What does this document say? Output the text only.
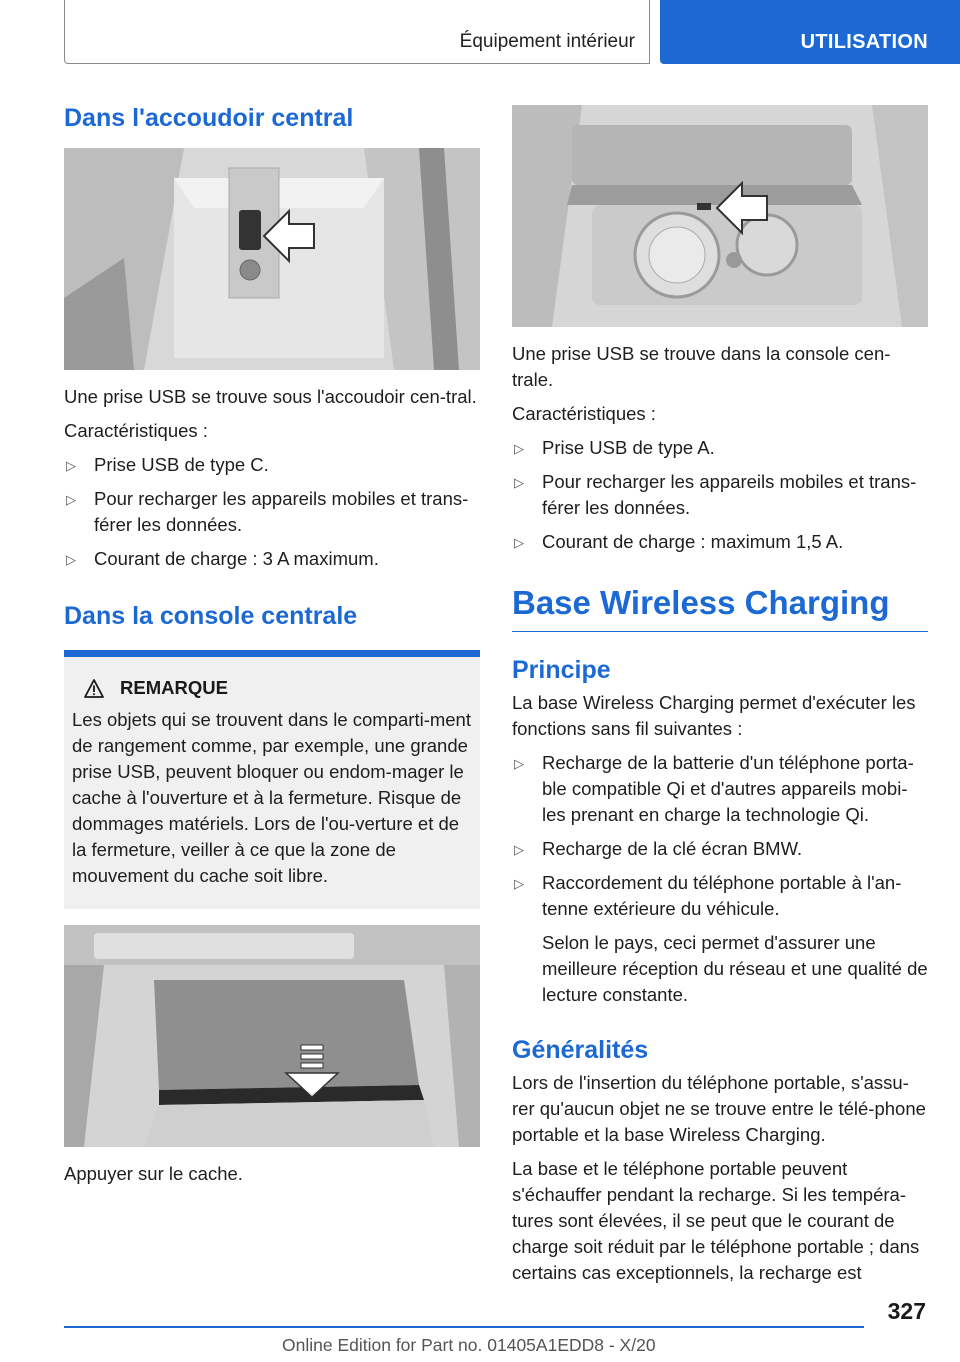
Équipement intérieur	UTILISATION
Dans l'accoudoir central

Une prise USB se trouve sous l'accoudoir cen-tral.

Caractéristiques :

▷ Prise USB de type C.
▷ Pour recharger les appareils mobiles et trans-férer les données.
▷ Courant de charge : 3 A maximum.
Dans la console centrale
REMARQUE

Les objets qui se trouvent dans le comparti-ment de rangement comme, par exemple, une grande prise USB, peuvent bloquer ou endom-mager le cache à l'ouverture et à la fermeture. Risque de dommages matériels. Lors de l'ou-verture et de la fermeture, veiller à ce que la zone de mouvement du cache soit libre.

Appuyer sur le cache.

Une prise USB se trouve dans la console cen-trale.

Caractéristiques :

▷ Prise USB de type A.
▷ Pour recharger les appareils mobiles et trans-férer les données.
▷ Courant de charge : maximum 1,5 A.
Base Wireless Charging
Principe

La base Wireless Charging permet d'exécuter les fonctions sans fil suivantes :

▷ Recharge de la batterie d'un téléphone porta-ble compatible Qi et d'autres appareils mobi-les prenant en charge la technologie Qi.
▷ Recharge de la clé écran BMW.
▷ Raccordement du téléphone portable à l'an-tenne extérieure du véhicule.

Selon le pays, ceci permet d'assurer une meilleure réception du réseau et une qualité de lecture constante.

Généralités

Lors de l'insertion du téléphone portable, s'assu-rer qu'aucun objet ne se trouve entre le télé-phone portable et la base Wireless Charging.

La base et le téléphone portable peuvent s'échauffer pendant la recharge. Si les tempéra-tures sont élevées, il se peut que le courant de charge soit réduit par le téléphone portable ; dans certains cas exceptionnels, la recharge est

327
Online Edition for Part no. 01405A1EDD8 - X/20
